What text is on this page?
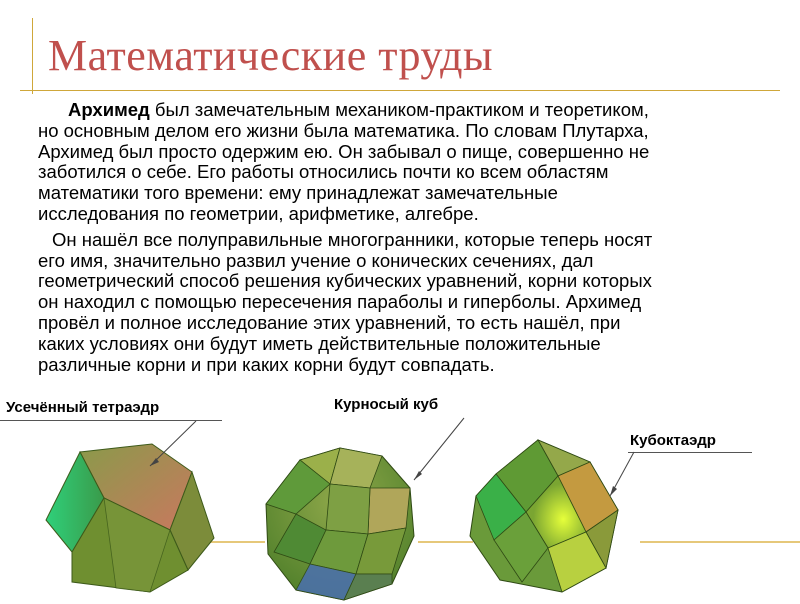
Математические труды

Архимед был замечательным механиком-практиком и теоретиком,
но основным делом его жизни была математика. По словам Плутарха,
Архимед был просто одержим ею. Он забывал о пище, совершенно не
заботился о себе. Его работы относились почти ко всем областям
математики того времени: ему принадлежат замечательные
исследования по геометрии, арифметике, алгебре.

Он нашёл все полуправильные многогранники, которые теперь носят
его имя, значительно развил учение о конических сечениях, дал
геометрический способ решения кубических уравнений, корни которых
он находил с помощью пересечения параболы и гиперболы. Архимед
провёл и полное исследование этих уравнений, то есть нашёл, при
каких условиях они будут иметь действительные положительные
различные корни и при каких корни будут совпадать.

Усечённый тетраэдр	Курносый куб
Кубоктаэдр
